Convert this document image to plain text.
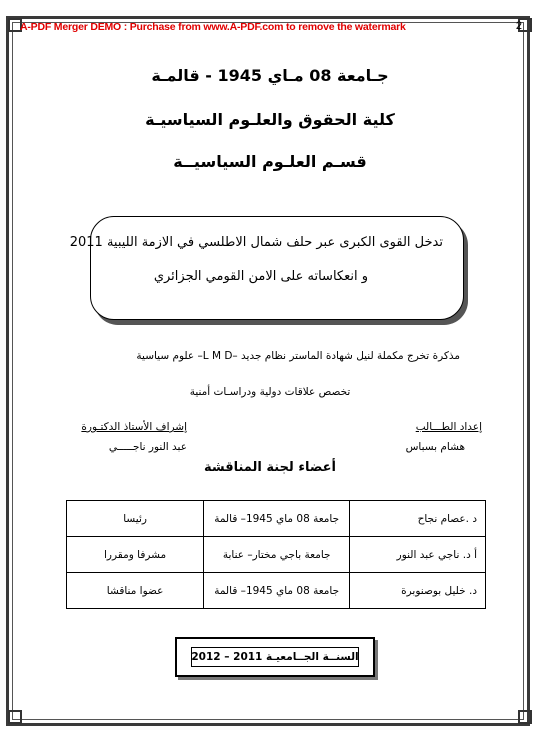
A-PDF Merger DEMO : Purchase from www.A-PDF.com to remove the watermark	2
جـامعة 08 مـاي 1945 - قالمـة
كلية الحقوق والعلـوم السياسيـة
قسـم العلـوم السياسيــة
تدخل القوى الكبرى عبر حلف شمال الاطلسي في الازمة الليبية 2011
و انعكاساته على الامن القومي الجزائري
مذكرة تخرج مكملة لنيل شهادة الماستر نظام جديد –L M D– علوم سياسية
تخصص علاقات دولية ودراسـات أمنية
إعداد الطـــالب
هشام بسباس
إشراف الأستاذ الدكتـورة
عبد النور ناجـــــي
أعضاء لجنة المناقشة
د .عصام نجاح	جامعة 08 ماي 1945– قالمة	رئيسا
أ د. ناجي عبد النور	جامعة باجي مختار– عنابة	مشرفا ومقررا
د. خليل بوصنوبرة	جامعة 08 ماي 1945– قالمة	عضوا مناقشا
السنــة الجــامعيـة 2011 – 2012
